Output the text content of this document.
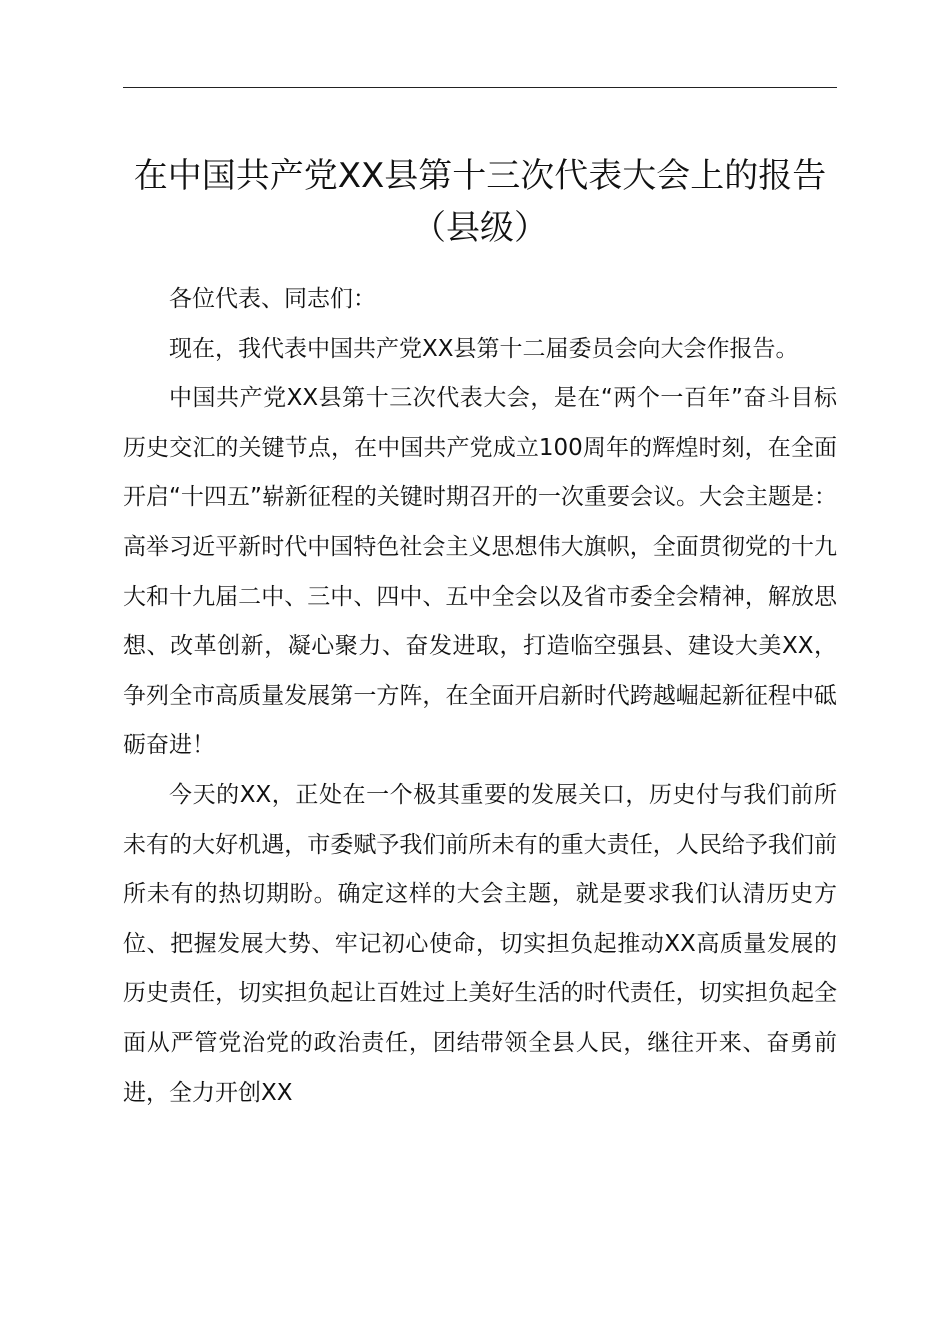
在中国共产党XX县第十三次代表大会上的报告（县级）

各位代表、同志们：

现在，我代表中国共产党XX县第十二届委员会向大会作报告。

中国共产党XX县第十三次代表大会，是在“两个一百年”奋斗目标历史交汇的关键节点，在中国共产党成立100周年的辉煌时刻，在全面开启“十四五”崭新征程的关键时期召开的一次重要会议。大会主题是：高举习近平新时代中国特色社会主义思想伟大旗帜，全面贯彻党的十九大和十九届二中、三中、四中、五中全会以及省市委全会精神，解放思想、改革创新，凝心聚力、奋发进取，打造临空强县、建设大美XX，争列全市高质量发展第一方阵，在全面开启新时代跨越崛起新征程中砥砺奋进！

今天的XX，正处在一个极其重要的发展关口，历史付与我们前所未有的大好机遇，市委赋予我们前所未有的重大责任，人民给予我们前所未有的热切期盼。确定这样的大会主题，就是要求我们认清历史方位、把握发展大势、牢记初心使命，切实担负起推动XX高质量发展的历史责任，切实担负起让百姓过上美好生活的时代责任，切实担负起全面从严管党治党的政治责任，团结带领全县人民，继往开来、奋勇前进，全力开创XX
